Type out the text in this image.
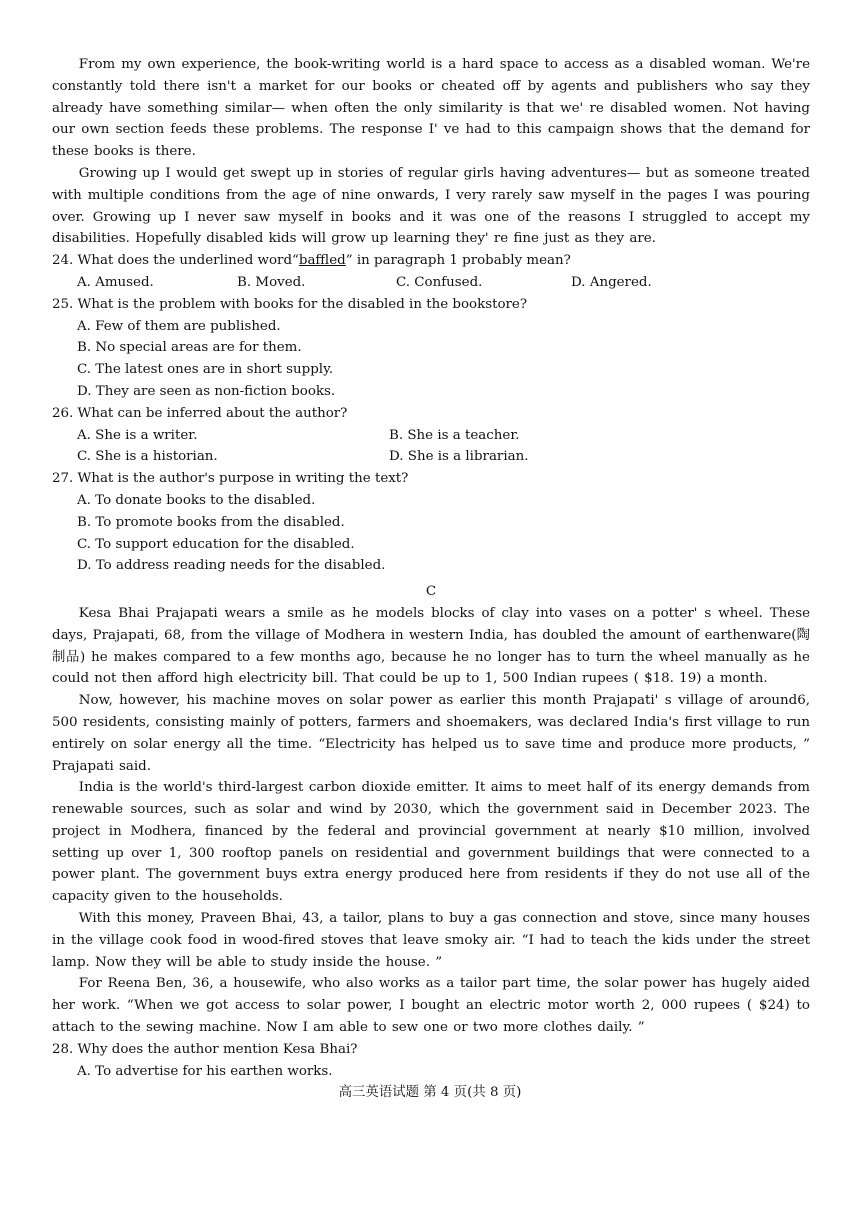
From my own experience, the book-writing world is a hard space to access as a disabled woman. We're constantly told there isn't a market for our books or cheated off by agents and publishers who say they already have something similar— when often the only similarity is that we' re disabled women. Not having our own section feeds these problems. The response I' ve had to this campaign shows that the demand for these books is there.

Growing up I would get swept up in stories of regular girls having adventures— but as someone treated with multiple conditions from the age of nine onwards, I very rarely saw myself in the pages I was pouring over. Growing up I never saw myself in books and it was one of the reasons I struggled to accept my disabilities. Hopefully disabled kids will grow up learning they' re fine just as they are.

24. What does the underlined word“baffled” in paragraph 1 probably mean?

A. Amused.	B. Moved.	C. Confused.	D. Angered.

25. What is the problem with books for the disabled in the bookstore?

A. Few of them are published.

B. No special areas are for them.

C. The latest ones are in short supply.

D. They are seen as non-fiction books.

26. What can be inferred about the author?

A. She is a writer.	B. She is a teacher.
C. She is a historian.	D. She is a librarian.

27. What is the author's purpose in writing the text?

A. To donate books to the disabled.

B. To promote books from the disabled.

C. To support education for the disabled.

D. To address reading needs for the disabled.

C

Kesa Bhai Prajapati wears a smile as he models blocks of clay into vases on a potter' s wheel. These days, Prajapati, 68, from the village of Modhera in western India, has doubled the amount of earthenware(陶制品) he makes compared to a few months ago, because he no longer has to turn the wheel manually as he could not then afford high electricity bill. That could be up to 1, 500 Indian rupees ( $18. 19) a month.

Now, however, his machine moves on solar power as earlier this month Prajapati' s village of around6, 500 residents, consisting mainly of potters, farmers and shoemakers, was declared India's first village to run entirely on solar energy all the time. “Electricity has helped us to save time and produce more products, ” Prajapati said.

India is the world's third-largest carbon dioxide emitter. It aims to meet half of its energy demands from renewable sources, such as solar and wind by 2030, which the government said in December 2023. The project in Modhera, financed by the federal and provincial government at nearly $10 million, involved setting up over 1, 300 rooftop panels on residential and government buildings that were connected to a power plant. The government buys extra energy produced here from residents if they do not use all of the capacity given to the households.

With this money, Praveen Bhai, 43, a tailor, plans to buy a gas connection and stove, since many houses in the village cook food in wood-fired stoves that leave smoky air. “I had to teach the kids under the street lamp. Now they will be able to study inside the house. ”

For Reena Ben, 36, a housewife, who also works as a tailor part time, the solar power has hugely aided her work. “When we got access to solar power, I bought an electric motor worth 2, 000 rupees ( $24) to attach to the sewing machine. Now I am able to sew one or two more clothes daily. ”

28. Why does the author mention Kesa Bhai?

A. To advertise for his earthen works.

高三英语试题 第 4 页(共 8 页)
